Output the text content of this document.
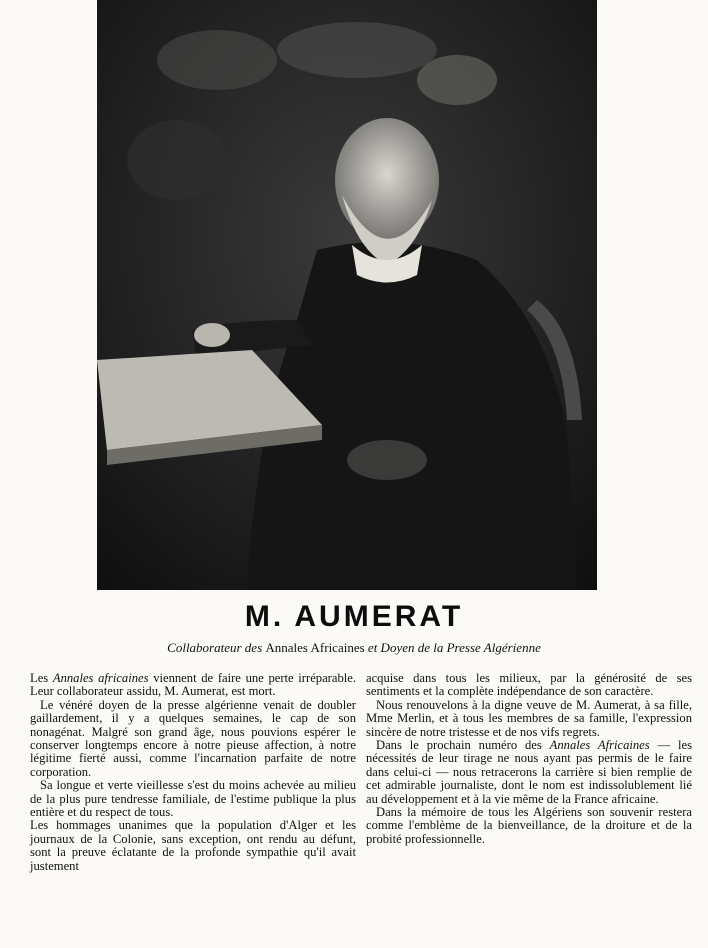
M. AUMERAT
Collaborateur des Annales Africaines et Doyen de la Presse Algérienne

Les Annales africaines viennent de faire une perte irréparable. Leur collaborateur assidu, M. Aumerat, est mort.

Le vénéré doyen de la presse algérienne venait de doubler gaillardement, il y a quelques semaines, le cap de son nonagénat. Malgré son grand âge, nous pouvions espérer le conserver longtemps encore à notre pieuse affection, à notre légitime fierté aussi, comme l'incarnation parfaite de notre corporation.

Sa longue et verte vieillesse s'est du moins achevée au milieu de la plus pure tendresse familiale, de l'estime publique la plus entière et du respect de tous.

Les hommages unanimes que la population d'Alger et les journaux de la Colonie, sans exception, ont rendu au défunt, sont la preuve éclatante de la profonde sympathie qu'il avait justement

acquise dans tous les milieux, par la générosité de ses sentiments et la complète indépendance de son caractère.

Nous renouvelons à la digne veuve de M. Aumerat, à sa fille, Mme Merlin, et à tous les membres de sa famille, l'expression sincère de notre tristesse et de nos vifs regrets.

Dans le prochain numéro des Annales Africaines — les nécessités de leur tirage ne nous ayant pas permis de le faire dans celui-ci — nous retracerons la carrière si bien remplie de cet admirable journaliste, dont le nom est indissolublement lié au développement et à la vie même de la France africaine.

Dans la mémoire de tous les Algériens son souvenir restera comme l'emblème de la bienveillance, de la droiture et de la probité professionnelle.
